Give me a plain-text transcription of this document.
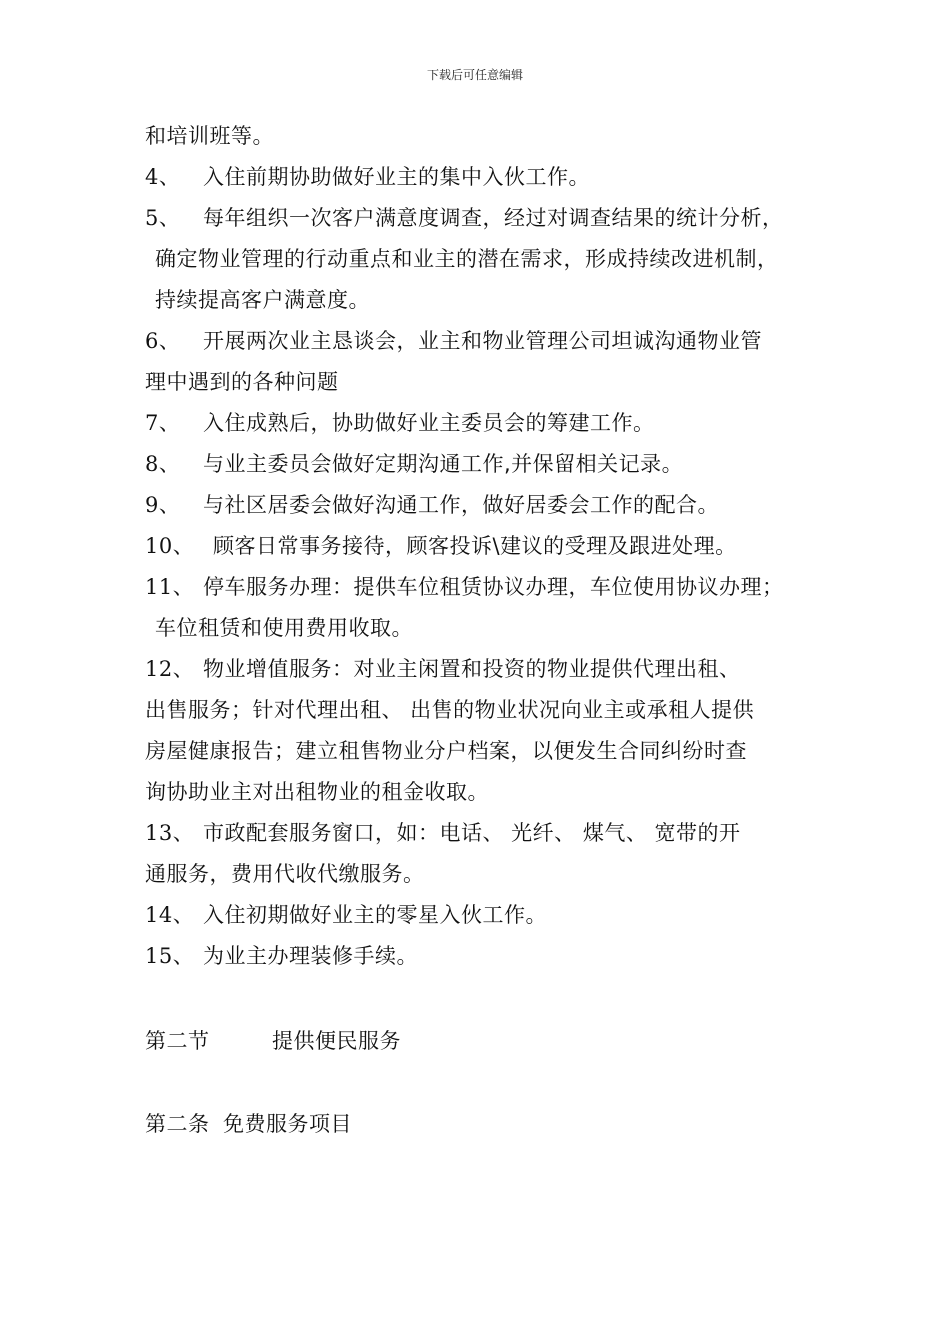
下载后可任意编辑
和培训班等。
4、 入住前期协助做好业主的集中入伙工作。
5、 每年组织一次客户满意度调查，经过对调查结果的统计分析，
确定物业管理的行动重点和业主的潜在需求，形成持续改进机制，
持续提高客户满意度。
6、 开展两次业主恳谈会，业主和物业管理公司坦诚沟通物业管
理中遇到的各种问题
7、 入住成熟后，协助做好业主委员会的筹建工作。
8、 与业主委员会做好定期沟通工作,并保留相关记录。
9、 与社区居委会做好沟通工作，做好居委会工作的配合。
10、 顾客日常事务接待，顾客投诉\建议的受理及跟进处理。
11、 停车服务办理：提供车位租赁协议办理，车位使用协议办理；
车位租赁和使用费用收取。
12、 物业增值服务：对业主闲置和投资的物业提供代理出租、
出售服务；针对代理出租、 出售的物业状况向业主或承租人提供
房屋健康报告；建立租售物业分户档案，以便发生合同纠纷时查
询协助业主对出租物业的租金收取。
13、 市政配套服务窗口，如：电话、 光纤、 煤气、 宽带的开
通服务，费用代收代缴服务。
14、 入住初期做好业主的零星入伙工作。
15、 为业主办理装修手续。
第二节	提供便民服务
第二条 免费服务项目
